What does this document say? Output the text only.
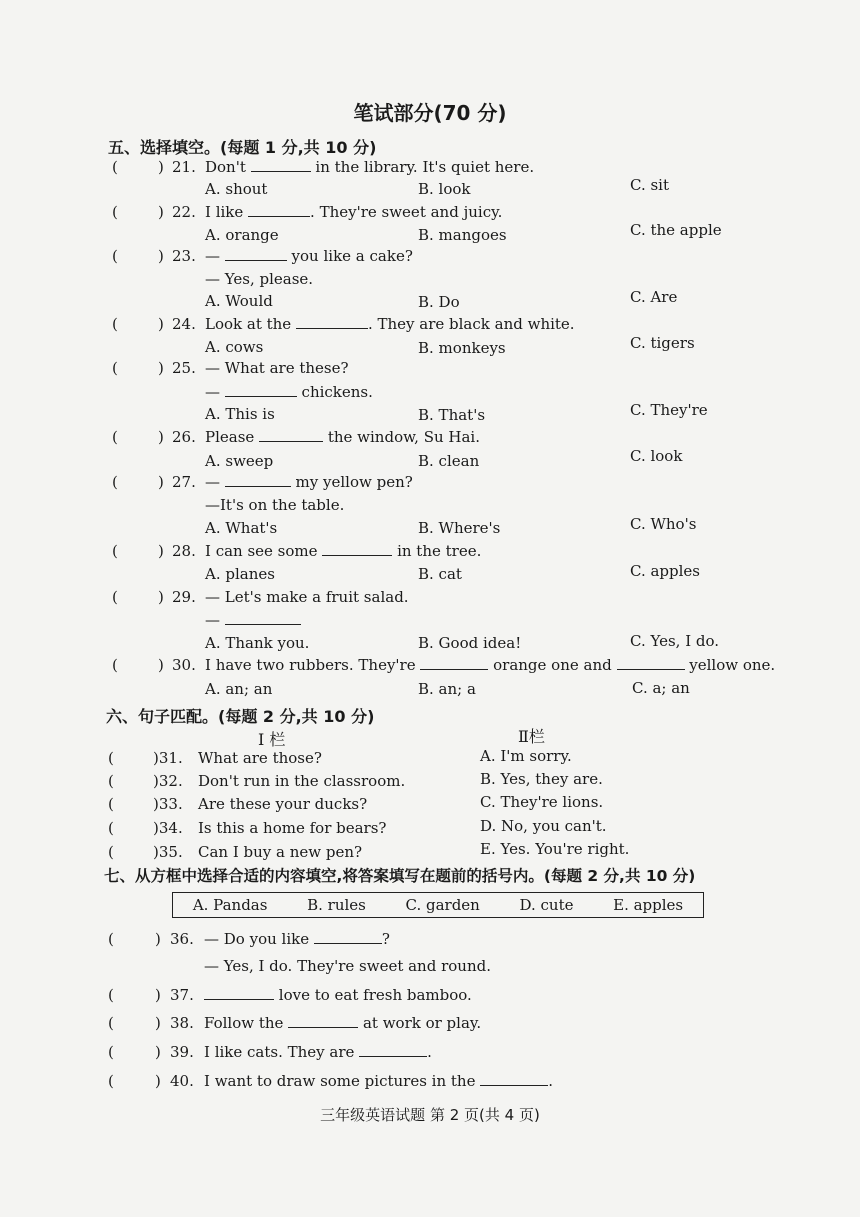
笔试部分(70 分)
五、选择填空。(每题 1 分,共 10 分)
(	) 21. Don't	in the library. It's quiet here.
A. shout	B. look	C. sit
(	) 22. I like	. They're sweet and juicy.
A. orange	B. mangoes	C. the apple
(	) 23. —	you like a cake?
— Yes, please.
A. Would	B. Do	C. Are
(	) 24. Look at the	. They are black and white.
A. cows	B. monkeys	C. tigers
(	) 25. — What are these?
—	chickens.
A. This is	B. That's	C. They're
(	) 26. Please	the window, Su Hai.
A. sweep	B. clean	C. look
(	) 27. —	my yellow pen?
—It's on the table.
A. What's	B. Where's	C. Who's
(	) 28. I can see some	in the tree.
A. planes	B. cat	C. apples
(	) 29. — Let's make a fruit salad.
—
A. Thank you.	B. Good idea!	C. Yes, I do.
(	) 30. I have two rubbers. They're	orange one and	yellow one.
A. an; an	B. an; a	C. a; an
六、句子匹配。(每题 2 分,共 10 分)
I 栏	Ⅱ栏
(	)31. What are those?	A. I'm sorry.
(	)32. Don't run in the classroom.	B. Yes, they are.
(	)33. Are these your ducks?	C. They're lions.
(	)34. Is this a home for bears?	D. No, you can't.
(	)35. Can I buy a new pen?	E. Yes. You're right.
七、从方框中选择合适的内容填空,将答案填写在题前的括号内。(每题 2 分,共 10 分)
A. Pandas	B. rules	C. garden	D. cute	E. apples
(	) 36. — Do you like	?
— Yes, I do. They're sweet and round.
(	) 37.	love to eat fresh bamboo.
(	) 38. Follow the	at work or play.
(	) 39. I like cats. They are	.
(	) 40. I want to draw some pictures in the	.
三年级英语试题 第 2 页(共 4 页)
